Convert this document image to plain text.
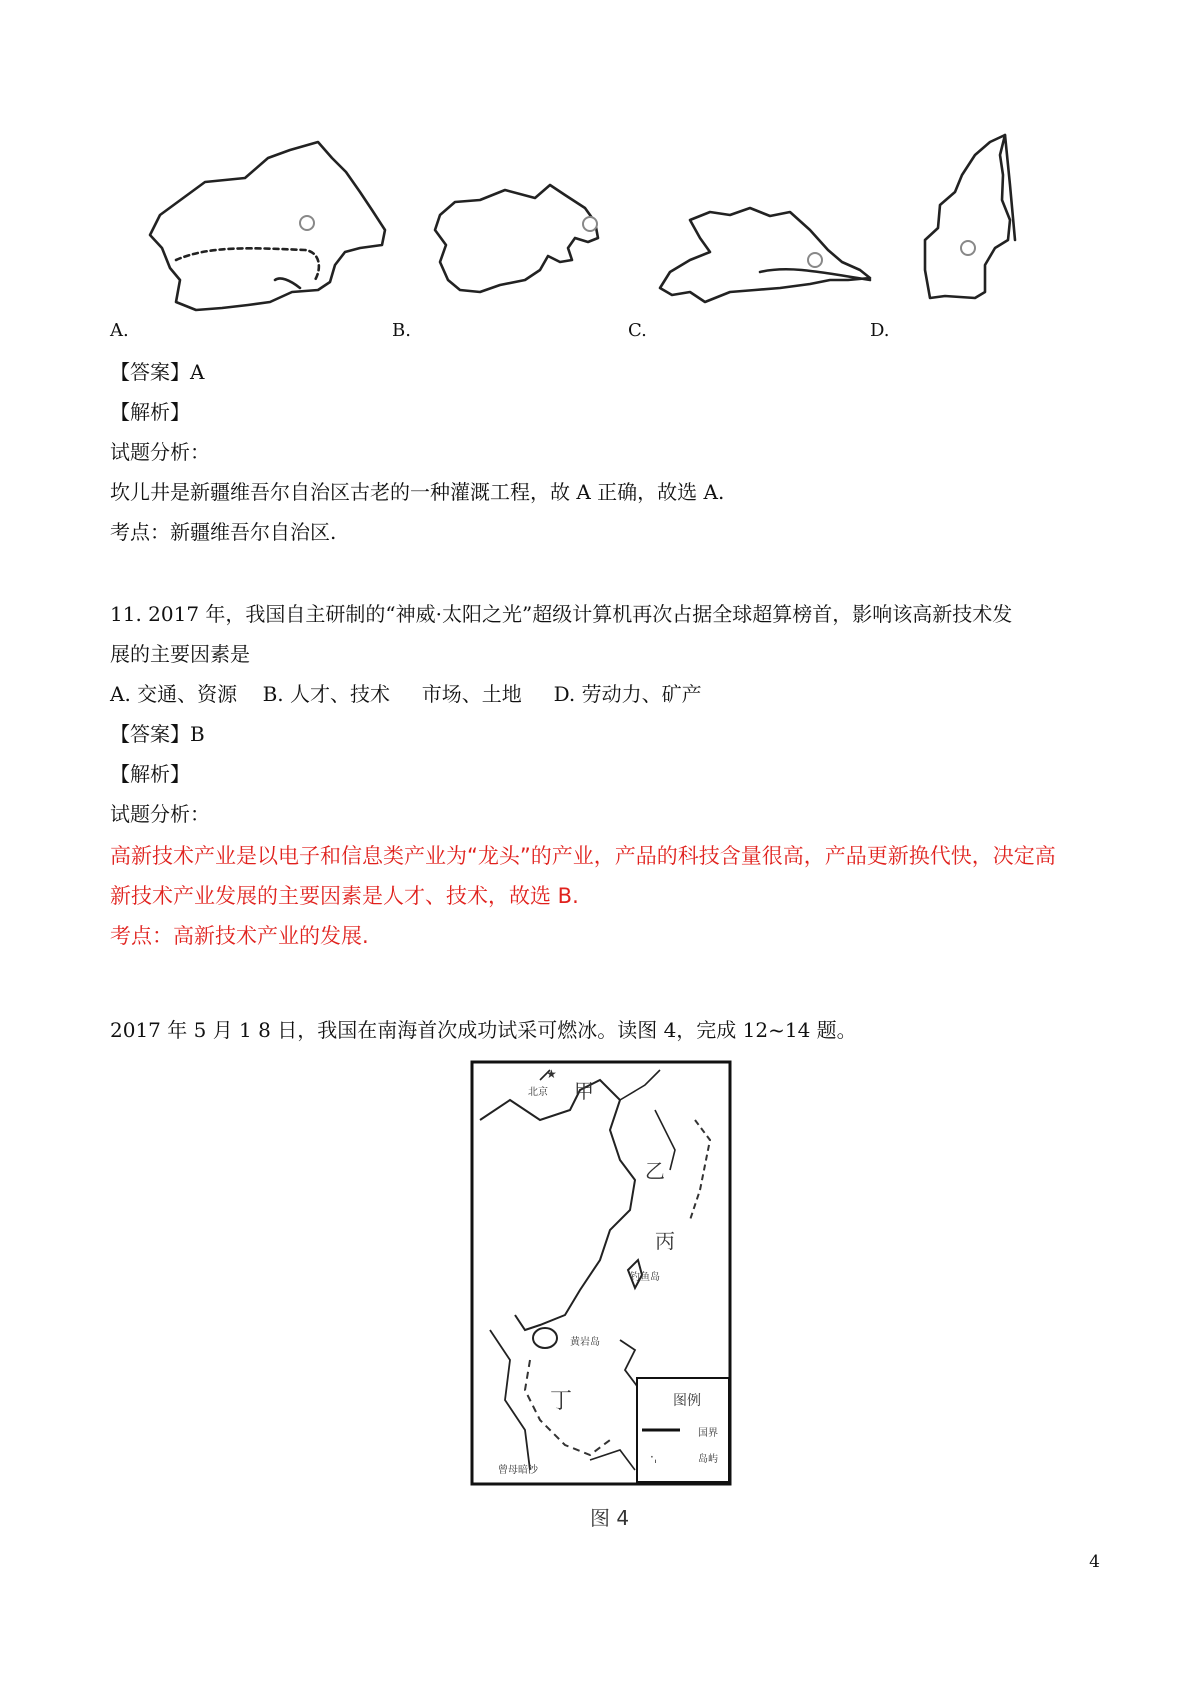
A.	B.	C.	D.
【答案】A
【解析】
试题分析：
坎儿井是新疆维吾尔自治区古老的一种灌溉工程，故 A 正确，故选 A.
考点：新疆维吾尔自治区.
11. 2017 年，我国自主研制的“神威·太阳之光”超级计算机再次占据全球超算榜首，影响该高新技术发
展的主要因素是
A. 交通、资源    B. 人才、技术     市场、土地     D. 劳动力、矿产
【答案】B
【解析】
试题分析：
高新技术产业是以电子和信息类产业为“龙头”的产业，产品的科技含量很高，产品更新换代快，决定高
新技术产业发展的主要因素是人才、技术，故选 B.
考点：高新技术产业的发展.
2017 年 5 月 1 8 日，我国在南海首次成功试采可燃冰。读图 4，完成 12~14 题。
★
北京 甲
乙
丙
钓鱼岛
黄岩岛
丁
曾母暗沙
图例
国界
·ˌ	岛屿
图 4
4
